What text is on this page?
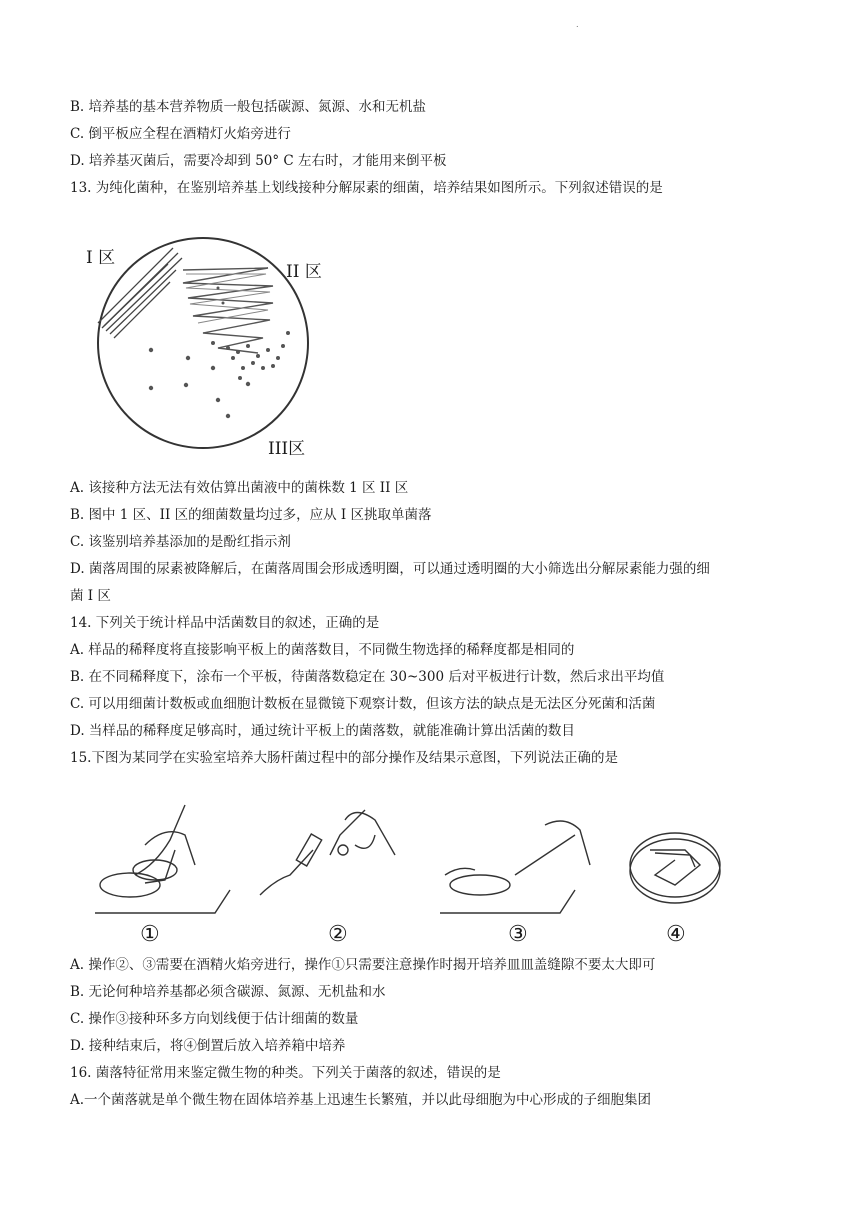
.
B. 培养基的基本营养物质一般包括碳源、氮源、水和无机盐
C. 倒平板应全程在酒精灯火焰旁进行
D. 培养基灭菌后，需要冷却到 50° C 左右时，才能用来倒平板
13. 为纯化菌种，在鉴别培养基上划线接种分解尿素的细菌，培养结果如图所示。下列叙述错误的是
I 区
II 区
III区
A. 该接种方法无法有效估算出菌液中的菌株数 1 区 II 区
B. 图中 1 区、II 区的细菌数量均过多，应从 I 区挑取单菌落
C. 该鉴别培养基添加的是酚红指示剂
D. 菌落周围的尿素被降解后，在菌落周围会形成透明圈，可以通过透明圈的大小筛选出分解尿素能力强的细
菌 I 区
14. 下列关于统计样品中活菌数目的叙述，正确的是
A. 样品的稀释度将直接影响平板上的菌落数目，不同微生物选择的稀释度都是相同的
B. 在不同稀释度下，涂布一个平板，待菌落数稳定在 30~300 后对平板进行计数，然后求出平均值
C. 可以用细菌计数板或血细胞计数板在显微镜下观察计数，但该方法的缺点是无法区分死菌和活菌
D. 当样品的稀释度足够高时，通过统计平板上的菌落数，就能准确计算出活菌的数目
15.下图为某同学在实验室培养大肠杆菌过程中的部分操作及结果示意图，下列说法正确的是
①	②	③	④
A. 操作②、③需要在酒精火焰旁进行，操作①只需要注意操作时揭开培养皿皿盖缝隙不要太大即可
B. 无论何种培养基都必须含碳源、氮源、无机盐和水
C. 操作③接种环多方向划线便于估计细菌的数量
D. 接种结束后，将④倒置后放入培养箱中培养
16. 菌落特征常用来鉴定微生物的种类。下列关于菌落的叙述，错误的是
A.一个菌落就是单个微生物在固体培养基上迅速生长繁殖，并以此母细胞为中心形成的子细胞集团
